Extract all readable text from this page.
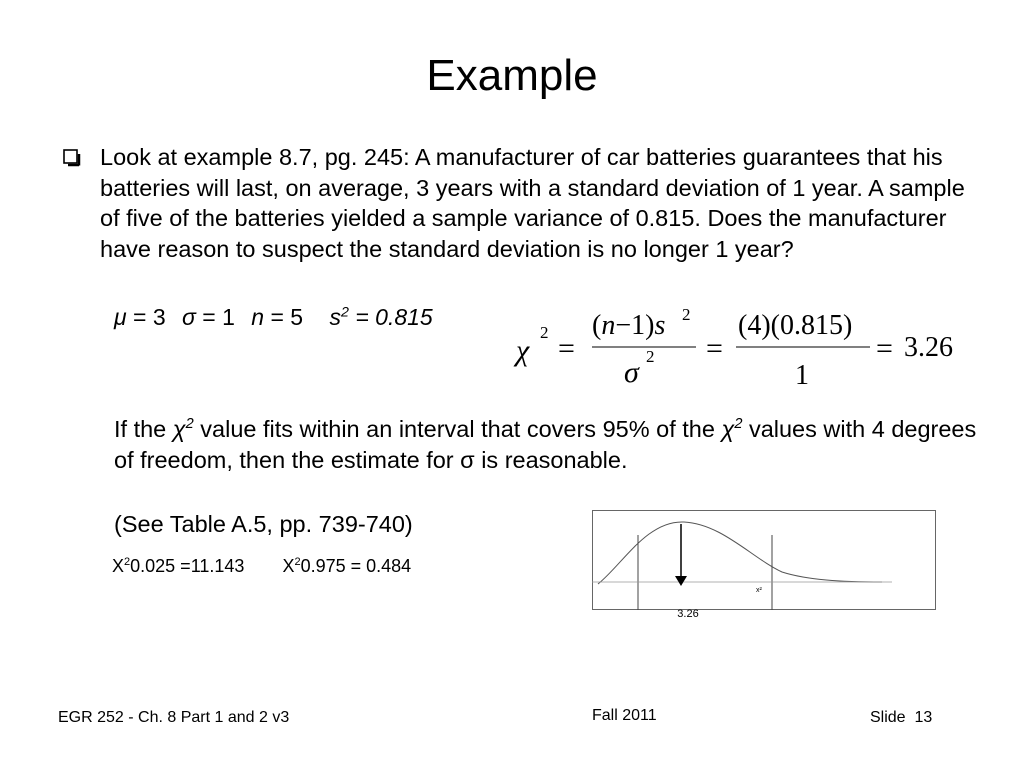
Example
Look at example 8.7, pg. 245: A manufacturer of car batteries guarantees that his batteries will last, on average, 3 years with a standard deviation of 1 year. A sample of five of the batteries yielded a sample variance of 0.815. Does the manufacturer have reason to suspect the standard deviation is no longer 1 year?
μ = 3 σ = 1 n = 5 $s^2 = 0.815$
χ
2 =
(n−1)s 2
σ 2 =
(4)(0.815)
1
= 3.26
If the $\chi^2$ value fits within an interval that covers 95% of the $\chi^2$ values with 4 degrees of freedom, then the estimate for σ is reasonable.
(See Table A.5, pp. 739-740)
$X^20.025 =11.143$ $X^20.975 = 0.484$
x²
3.26
EGR 252 - Ch. 8 Part 1 and 2 v3	Fall 2011	Slide 13
